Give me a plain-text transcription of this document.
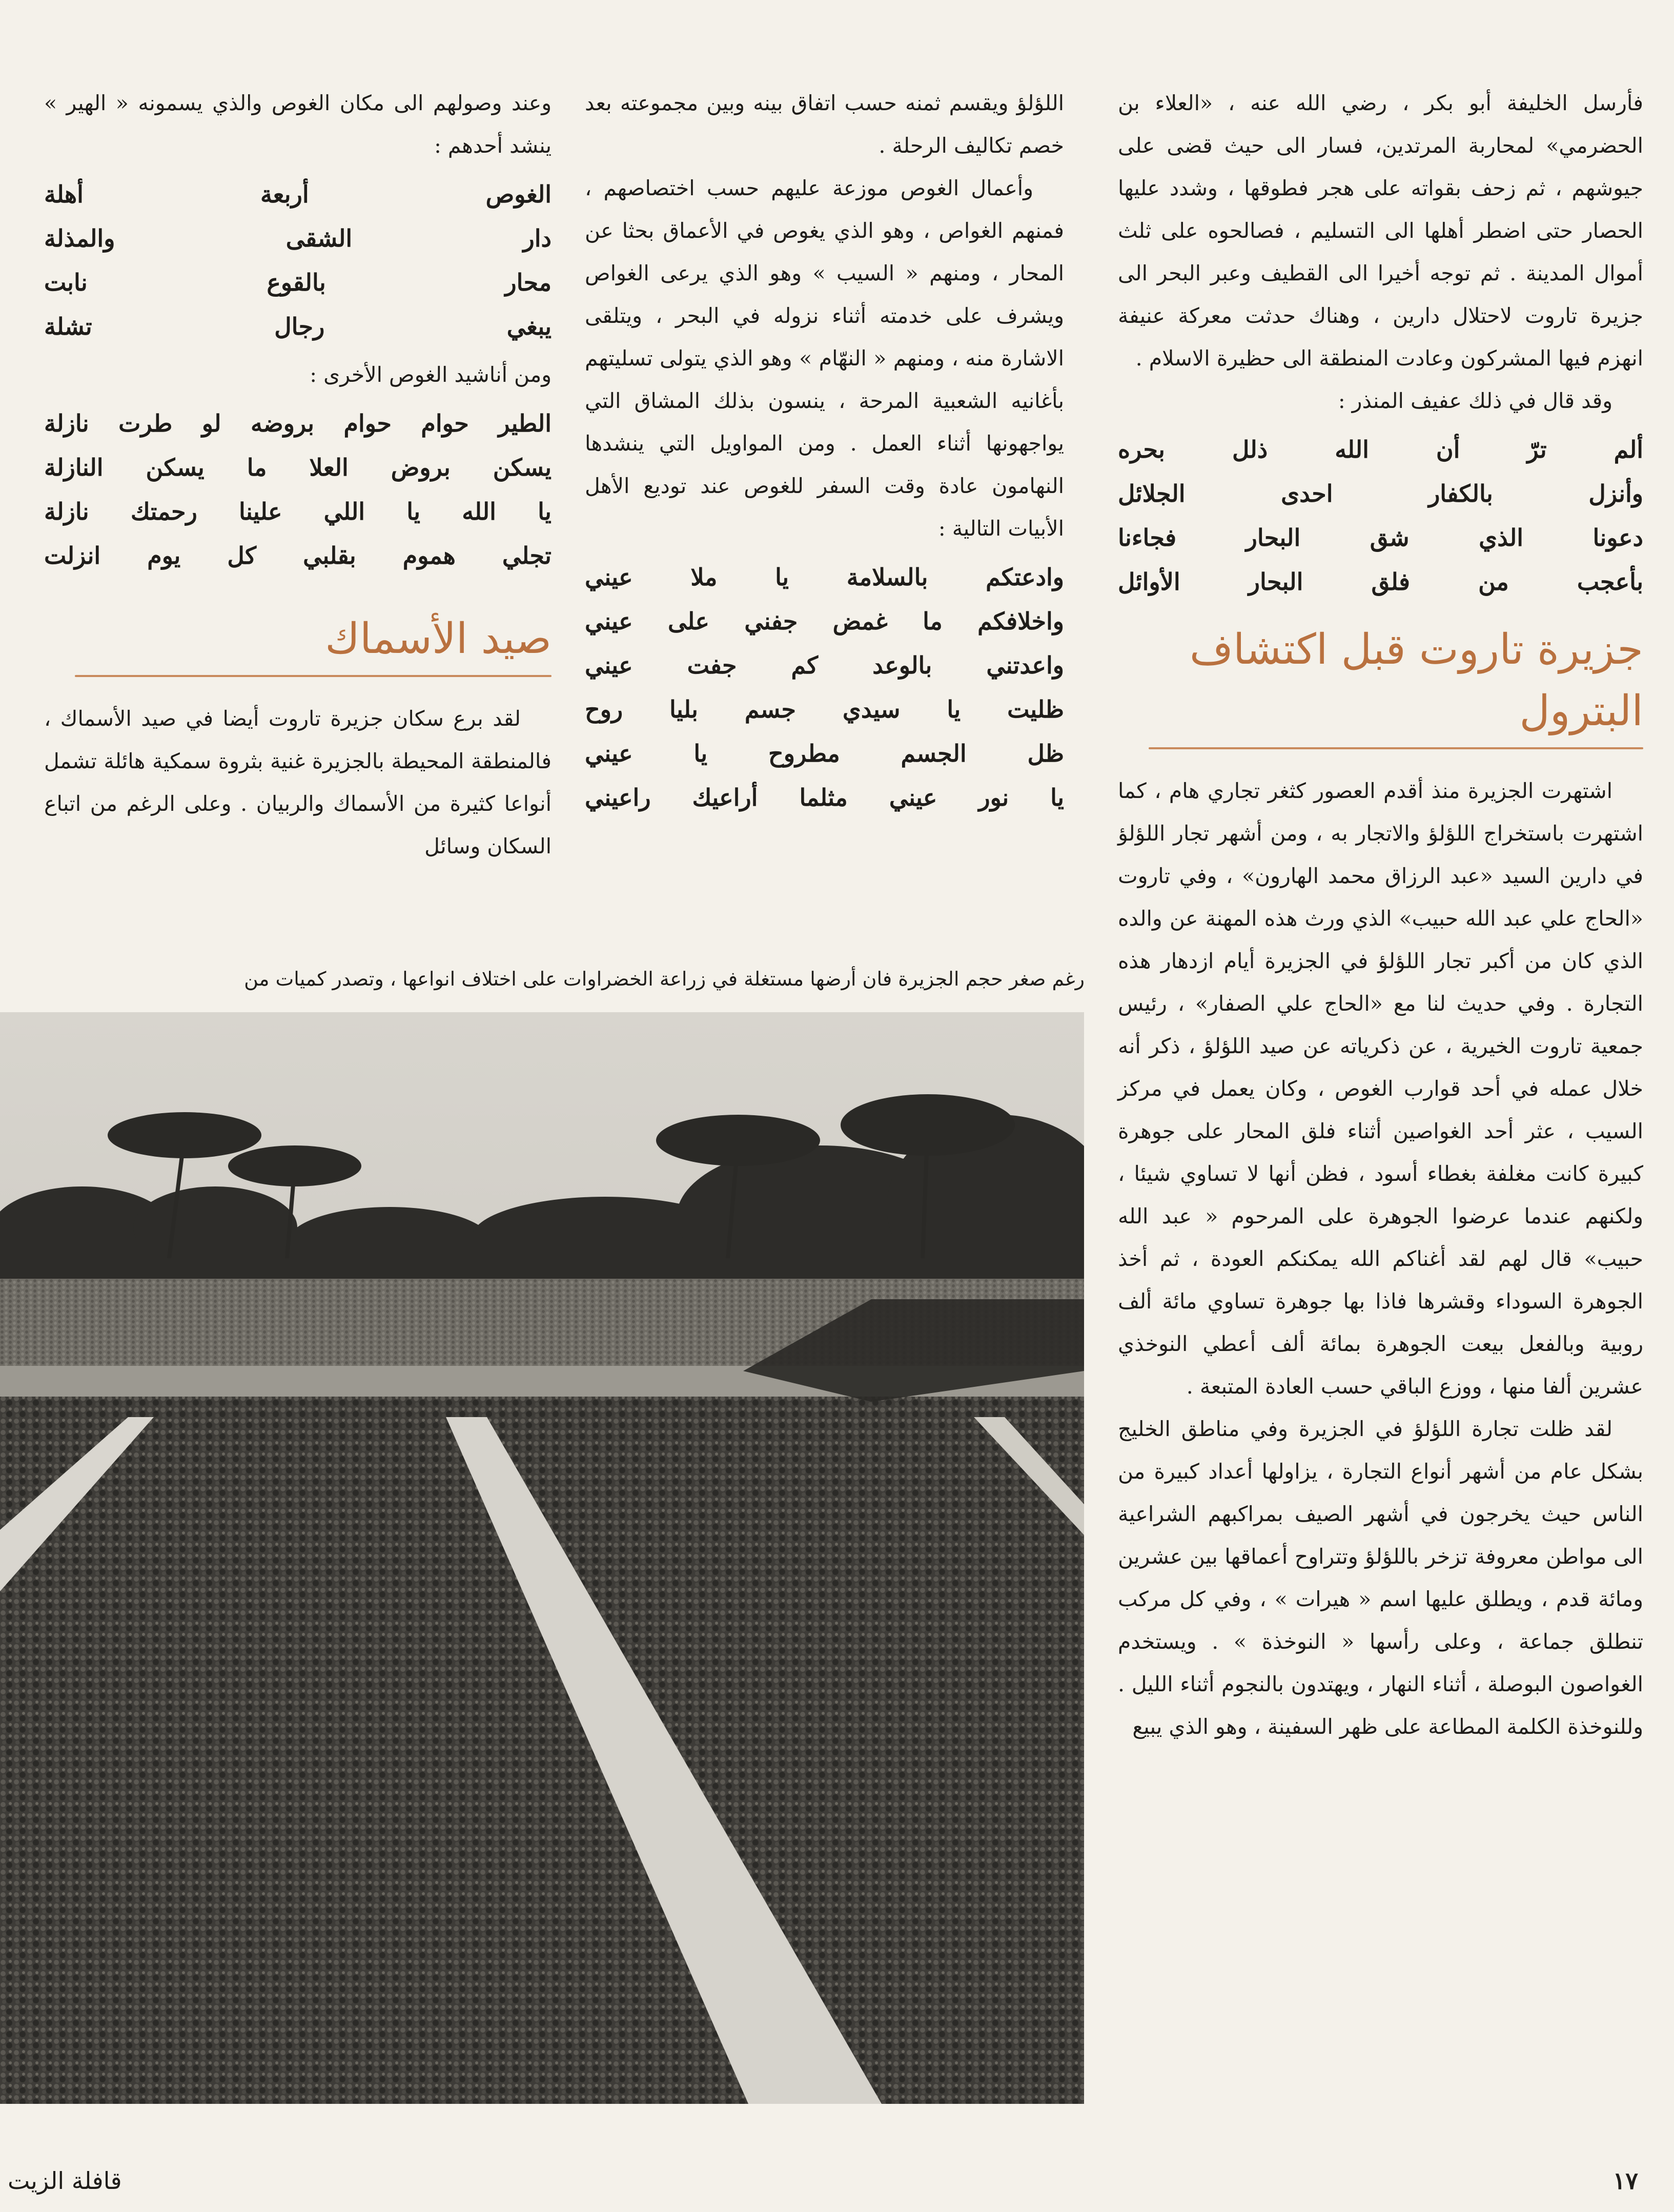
فأرسل الخليفة أبو بكر ، رضي الله عنه ، «العلاء بن الحضرمي» لمحاربة المرتدين، فسار الى حيث قضى على جيوشهم ، ثم زحف بقواته على هجر فطوقها ، وشدد عليها الحصار حتى اضطر أهلها الى التسليم ، فصالحوه على ثلث أموال المدينة . ثم توجه أخيرا الى القطيف وعبر البحر الى جزيرة تاروت لاحتلال دارين ، وهناك حدثت معركة عنيفة انهزم فيها المشركون وعادت المنطقة الى حظيرة الاسلام .

وقد قال في ذلك عفيف المنذر :

ألم ترّ أن الله ذلل بحره
وأنزل بالكفار احدى الجلائل
دعونا الذي شق البحار فجاءنا
بأعجب من فلق البحار الأوائل
جزيرة تاروت قبل اكتشاف البترول

اشتهرت الجزيرة منذ أقدم العصور كثغر تجاري هام ، كما اشتهرت باستخراج اللؤلؤ والاتجار به ، ومن أشهر تجار اللؤلؤ في دارين السيد «عبد الرزاق محمد الهارون» ، وفي تاروت «الحاج علي عبد الله حبيب» الذي ورث هذه المهنة عن والده الذي كان من أكبر تجار اللؤلؤ في الجزيرة أيام ازدهار هذه التجارة . وفي حديث لنا مع «الحاج علي الصفار» ، رئيس جمعية تاروت الخيرية ، عن ذكرياته عن صيد اللؤلؤ ، ذكر أنه خلال عمله في أحد قوارب الغوص ، وكان يعمل في مركز السيب ، عثر أحد الغواصين أثناء فلق المحار على جوهرة كبيرة كانت مغلفة بغطاء أسود ، فظن أنها لا تساوي شيئا ، ولكنهم عندما عرضوا الجوهرة على المرحوم « عبد الله حبيب» قال لهم لقد أغناكم الله يمكنكم العودة ، ثم أخذ الجوهرة السوداء وقشرها فاذا بها جوهرة تساوي مائة ألف روبية وبالفعل بيعت الجوهرة بمائة ألف أعطي النوخذي عشرين ألفا منها ، ووزع الباقي حسب العادة المتبعة .

لقد ظلت تجارة اللؤلؤ في الجزيرة وفي مناطق الخليج بشكل عام من أشهر أنواع التجارة ، يزاولها أعداد كبيرة من الناس حيث يخرجون في أشهر الصيف بمراكبهم الشراعية الى مواطن معروفة تزخر باللؤلؤ وتتراوح أعماقها بين عشرين ومائة قدم ، ويطلق عليها اسم « هيرات » ، وفي كل مركب تنطلق جماعة ، وعلى رأسها « النوخذة » . ويستخدم الغواصون البوصلة ، أثناء النهار ، ويهتدون بالنجوم أثناء الليل . وللنوخذة الكلمة المطاعة على ظهر السفينة ، وهو الذي يبيع

اللؤلؤ ويقسم ثمنه حسب اتفاق بينه وبين مجموعته بعد خصم تكاليف الرحلة .

وأعمال الغوص موزعة عليهم حسب اختصاصهم ، فمنهم الغواص ، وهو الذي يغوص في الأعماق بحثا عن المحار ، ومنهم « السيب » وهو الذي يرعى الغواص ويشرف على خدمته أثناء نزوله في البحر ، ويتلقى الاشارة منه ، ومنهم « النهّام » وهو الذي يتولى تسليتهم بأغانيه الشعبية المرحة ، ينسون بذلك المشاق التي يواجهونها أثناء العمل . ومن المواويل التي ينشدها النهامون عادة وقت السفر للغوص عند توديع الأهل الأبيات التالية :

وادعتكم بالسلامة يا ملا عيني
واخلافكم ما غمض جفني على عيني
واعدتني بالوعد كم جفت عيني
ظليت يا سيدي جسم بليا روح
ظل الجسم مطروح يا عيني
يا نور عيني مثلما أراعيك راعيني

وعند وصولهم الى مكان الغوص والذي يسمونه « الهير » ينشد أحدهم :

الغوص أربعة أهلة
دار الشقى والمذلة
محار بالقوع نابت
يبغي رجال تشلة

ومن أناشيد الغوص الأخرى :

الطير حوام حوام بروضه لو طرت نازلة
يسكن بروض العلا ما يسكن النازلة
يا الله يا اللي علينا رحمتك نازلة
تجلي هموم بقلبي كل يوم انزلت
صيد الأسماك

لقد برع سكان جزيرة تاروت أيضا في صيد الأسماك ، فالمنطقة المحيطة بالجزيرة غنية بثروة سمكية هائلة تشمل أنواعا كثيرة من الأسماك والربيان . وعلى الرغم من اتباع السكان وسائل

رغم صغر حجم الجزيرة فان أرضها مستغلة في زراعة الخضراوات على اختلاف انواعها ، وتصدر كميات من
١٧
قافلة الزيت
